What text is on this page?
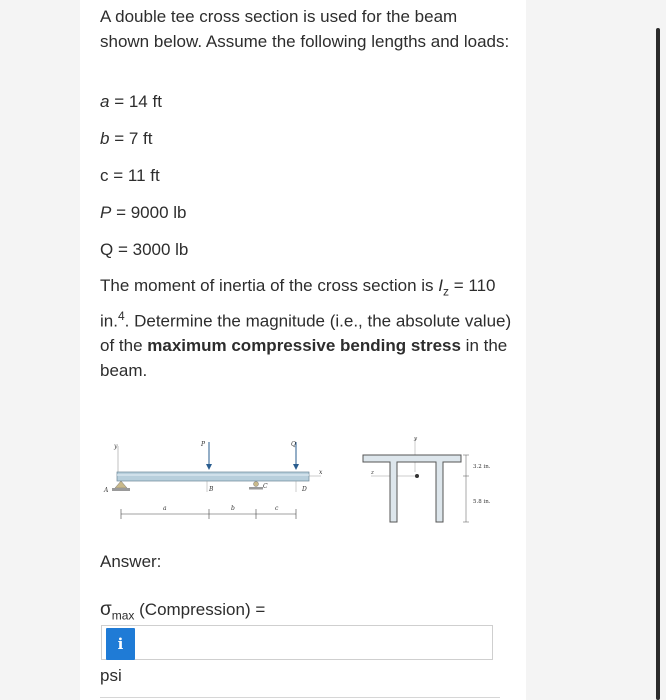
A double tee cross section is used for the beam shown below. Assume the following lengths and loads:
a = 14 ft
b = 7 ft
c = 11 ft
P = 9000 lb
Q = 3000 lb
The moment of inertia of the cross section is $I_z = 110$ in.$^4$. Determine the magnitude (i.e., the absolute value) of the maximum compressive bending stress in the beam.
y
x
A
C
B	D
P	Q
a	b	c
y
z
3.2 in.
5.8 in.
Answer:
$\sigma_{max}$ (Compression) =
i
psi
